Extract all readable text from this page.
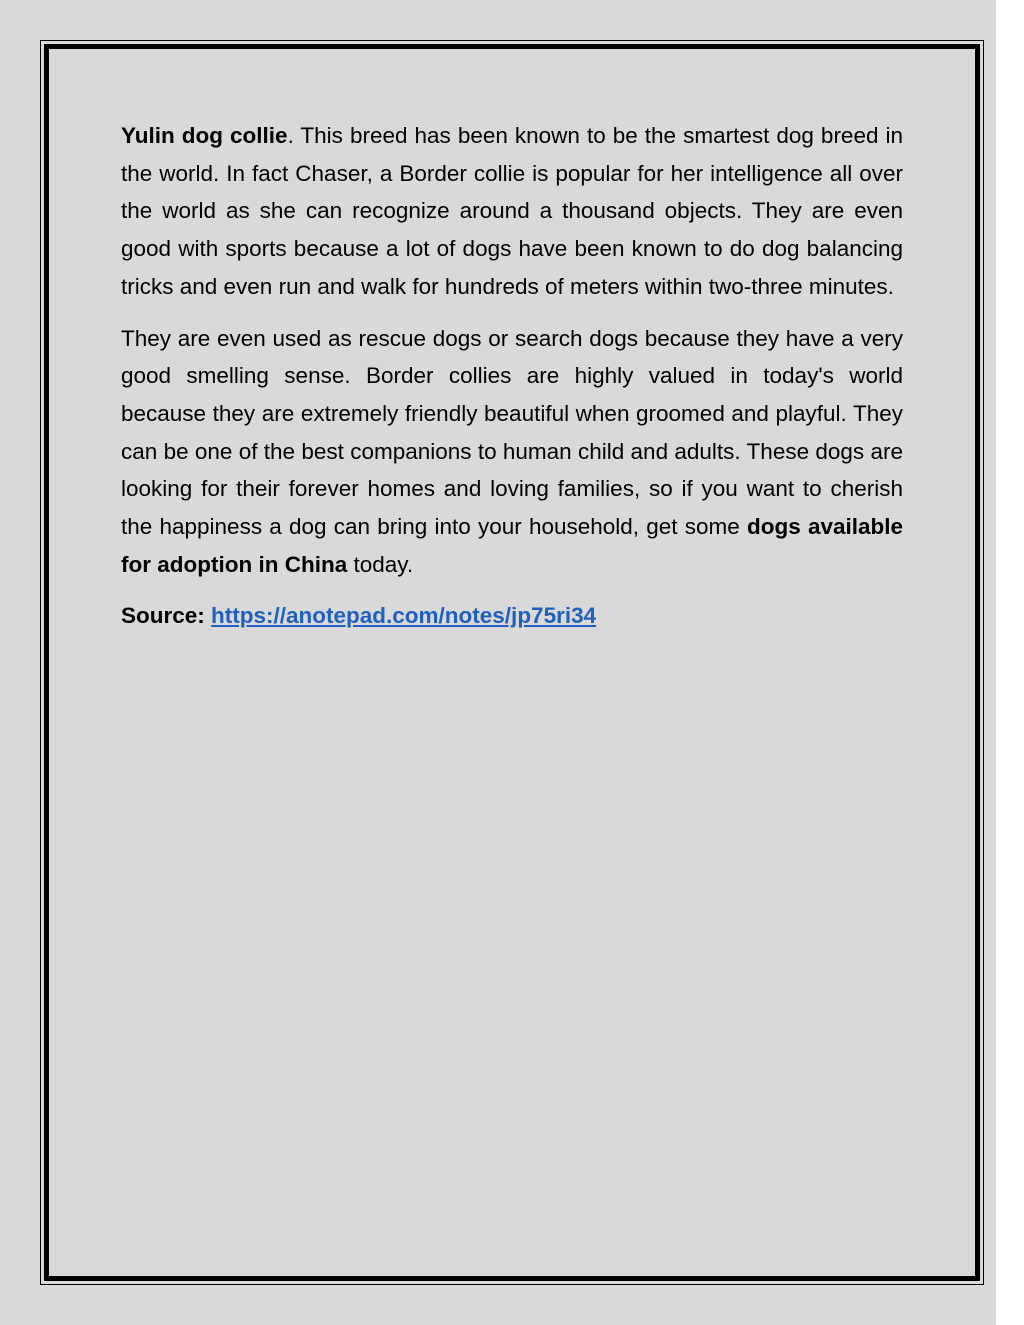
Yulin dog collie. This breed has been known to be the smartest dog breed in the world. In fact Chaser, a Border collie is popular for her intelligence all over the world as she can recognize around a thousand objects. They are even good with sports because a lot of dogs have been known to do dog balancing tricks and even run and walk for hundreds of meters within two-three minutes.

They are even used as rescue dogs or search dogs because they have a very good smelling sense. Border collies are highly valued in today's world because they are extremely friendly beautiful when groomed and playful. They can be one of the best companions to human child and adults. These dogs are looking for their forever homes and loving families, so if you want to cherish the happiness a dog can bring into your household, get some dogs available for adoption in China today.

Source: https://anotepad.com/notes/jp75ri34
